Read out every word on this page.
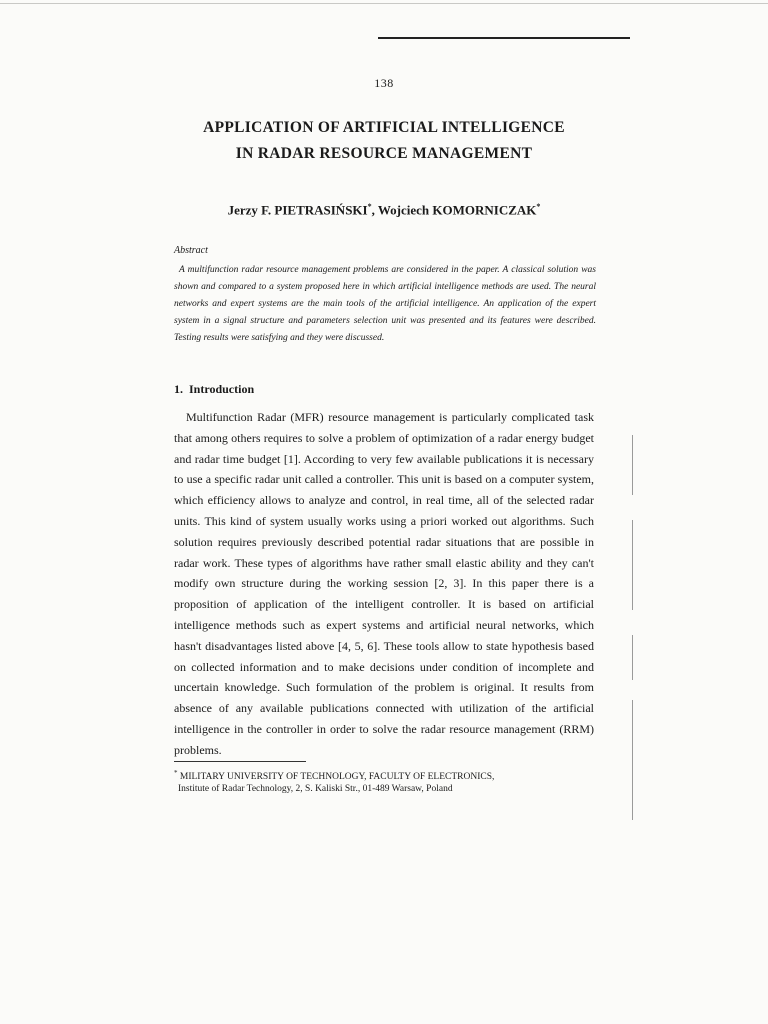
138
APPLICATION OF ARTIFICIAL INTELLIGENCE
IN RADAR RESOURCE MANAGEMENT
Jerzy F. PIETRASIŃSKI*, Wojciech KOMORNICZAK*
Abstract
A multifunction radar resource management problems are considered in the paper. A classical solution was shown and compared to a system proposed here in which artificial intelligence methods are used. The neural networks and expert systems are the main tools of the artificial intelligence. An application of the expert system in a signal structure and parameters selection unit was presented and its features were described. Testing results were satisfying and they were discussed.
1. Introduction
Multifunction Radar (MFR) resource management is particularly complicated task that among others requires to solve a problem of optimization of a radar energy budget and radar time budget [1]. According to very few available publications it is necessary to use a specific radar unit called a controller. This unit is based on a computer system, which efficiency allows to analyze and control, in real time, all of the selected radar units. This kind of system usually works using a priori worked out algorithms. Such solution requires previously described potential radar situations that are possible in radar work. These types of algorithms have rather small elastic ability and they can't modify own structure during the working session [2, 3]. In this paper there is a proposition of application of the intelligent controller. It is based on artificial intelligence methods such as expert systems and artificial neural networks, which hasn't disadvantages listed above [4, 5, 6]. These tools allow to state hypothesis based on collected information and to make decisions under condition of incomplete and uncertain knowledge. Such formulation of the problem is original. It results from absence of any available publications connected with utilization of the artificial intelligence in the controller in order to solve the radar resource management (RRM) problems.
* MILITARY UNIVERSITY OF TECHNOLOGY, FACULTY OF ELECTRONICS,
Institute of Radar Technology, 2, S. Kaliski Str., 01-489 Warsaw, Poland
